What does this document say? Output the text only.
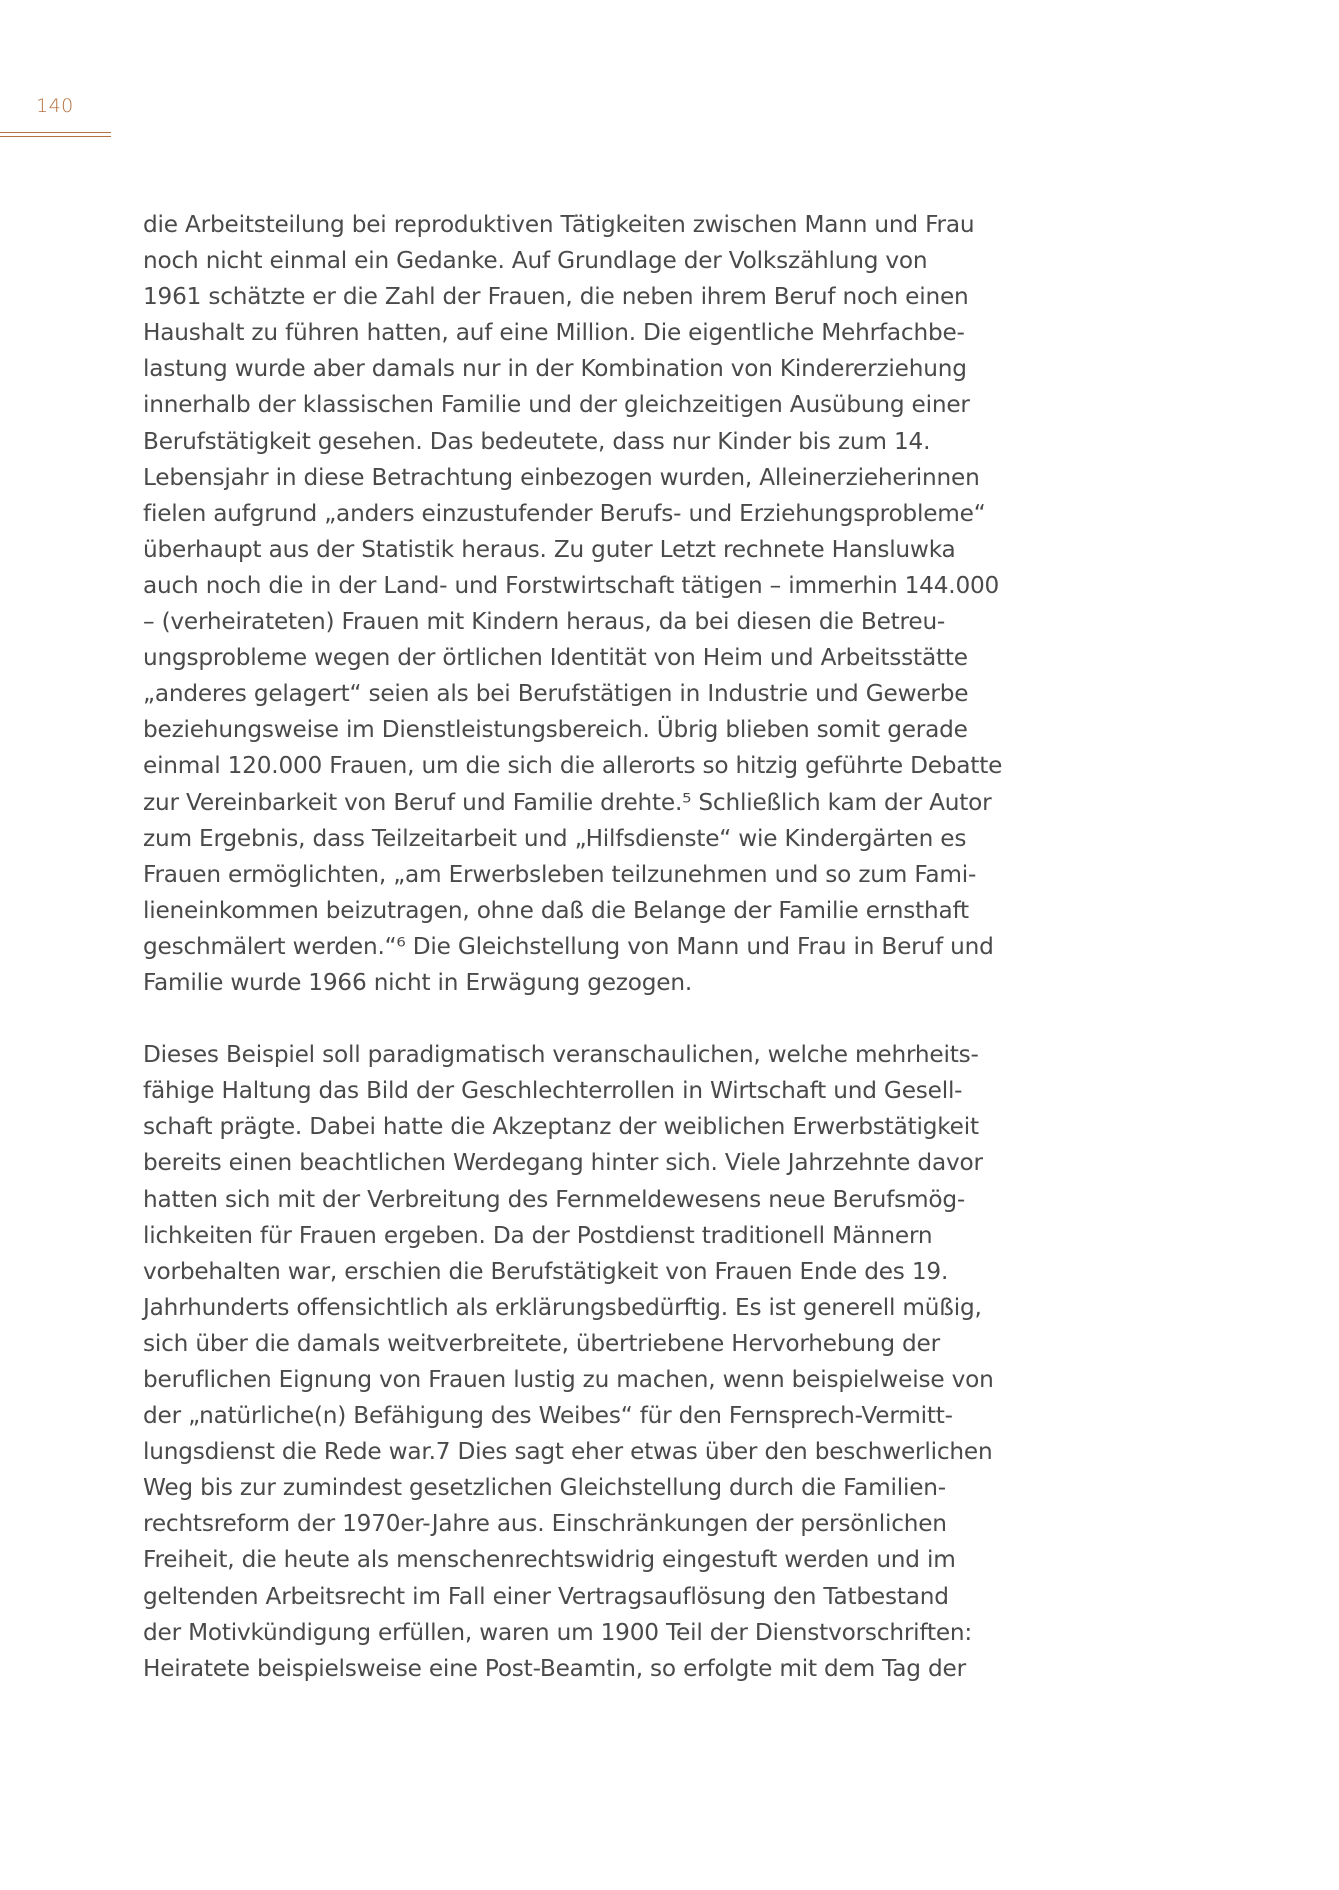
140
die Arbeitsteilung bei reproduktiven Tätigkeiten zwischen Mann und Frau
noch nicht einmal ein Gedanke. Auf Grundlage der Volkszählung von
1961 schätzte er die Zahl der Frauen, die neben ihrem Beruf noch einen
Haushalt zu führen hatten, auf eine Million. Die eigentliche Mehrfachbe-
lastung wurde aber damals nur in der Kombination von Kindererziehung
innerhalb der klassischen Familie und der gleichzeitigen Ausübung einer
Berufstätigkeit gesehen. Das bedeutete, dass nur Kinder bis zum 14.
Lebensjahr in diese Betrachtung einbezogen wurden, Alleinerzieherinnen
fielen aufgrund „anders einzustufender Berufs- und Erziehungsprobleme“
überhaupt aus der Statistik heraus. Zu guter Letzt rechnete Hansluwka
auch noch die in der Land- und Forstwirtschaft tätigen – immerhin 144.000
– (verheirateten) Frauen mit Kindern heraus, da bei diesen die Betreu-
ungsprobleme wegen der örtlichen Identität von Heim und Arbeitsstätte
„anderes gelagert“ seien als bei Berufstätigen in Industrie und Gewerbe
beziehungsweise im Dienstleistungsbereich. Übrig blieben somit gerade
einmal 120.000 Frauen, um die sich die allerorts so hitzig geführte Debatte
zur Vereinbarkeit von Beruf und Familie drehte.⁵ Schließlich kam der Autor
zum Ergebnis, dass Teilzeitarbeit und „Hilfsdienste“ wie Kindergärten es
Frauen ermöglichten, „am Erwerbsleben teilzunehmen und so zum Fami-
lieneinkommen beizutragen, ohne daß die Belange der Familie ernsthaft
geschmälert werden.“⁶ Die Gleichstellung von Mann und Frau in Beruf und
Familie wurde 1966 nicht in Erwägung gezogen.
Dieses Beispiel soll paradigmatisch veranschaulichen, welche mehrheits-
fähige Haltung das Bild der Geschlechterrollen in Wirtschaft und Gesell-
schaft prägte. Dabei hatte die Akzeptanz der weiblichen Erwerbstätigkeit
bereits einen beachtlichen Werdegang hinter sich. Viele Jahrzehnte davor
hatten sich mit der Verbreitung des Fernmeldewesens neue Berufsmög-
lichkeiten für Frauen ergeben. Da der Postdienst traditionell Männern
vorbehalten war, erschien die Berufstätigkeit von Frauen Ende des 19.
Jahrhunderts offensichtlich als erklärungsbedürftig. Es ist generell müßig,
sich über die damals weitverbreitete, übertriebene Hervorhebung der
beruflichen Eignung von Frauen lustig zu machen, wenn beispielweise von
der „natürliche(n) Befähigung des Weibes“ für den Fernsprech-Vermitt-
lungsdienst die Rede war.7 Dies sagt eher etwas über den beschwerlichen
Weg bis zur zumindest gesetzlichen Gleichstellung durch die Familien-
rechtsreform der 1970er-Jahre aus. Einschränkungen der persönlichen
Freiheit, die heute als menschenrechtswidrig eingestuft werden und im
geltenden Arbeitsrecht im Fall einer Vertragsauflösung den Tatbestand
der Motivkündigung erfüllen, waren um 1900 Teil der Dienstvorschriften:
Heiratete beispielsweise eine Post-Beamtin, so erfolgte mit dem Tag der
